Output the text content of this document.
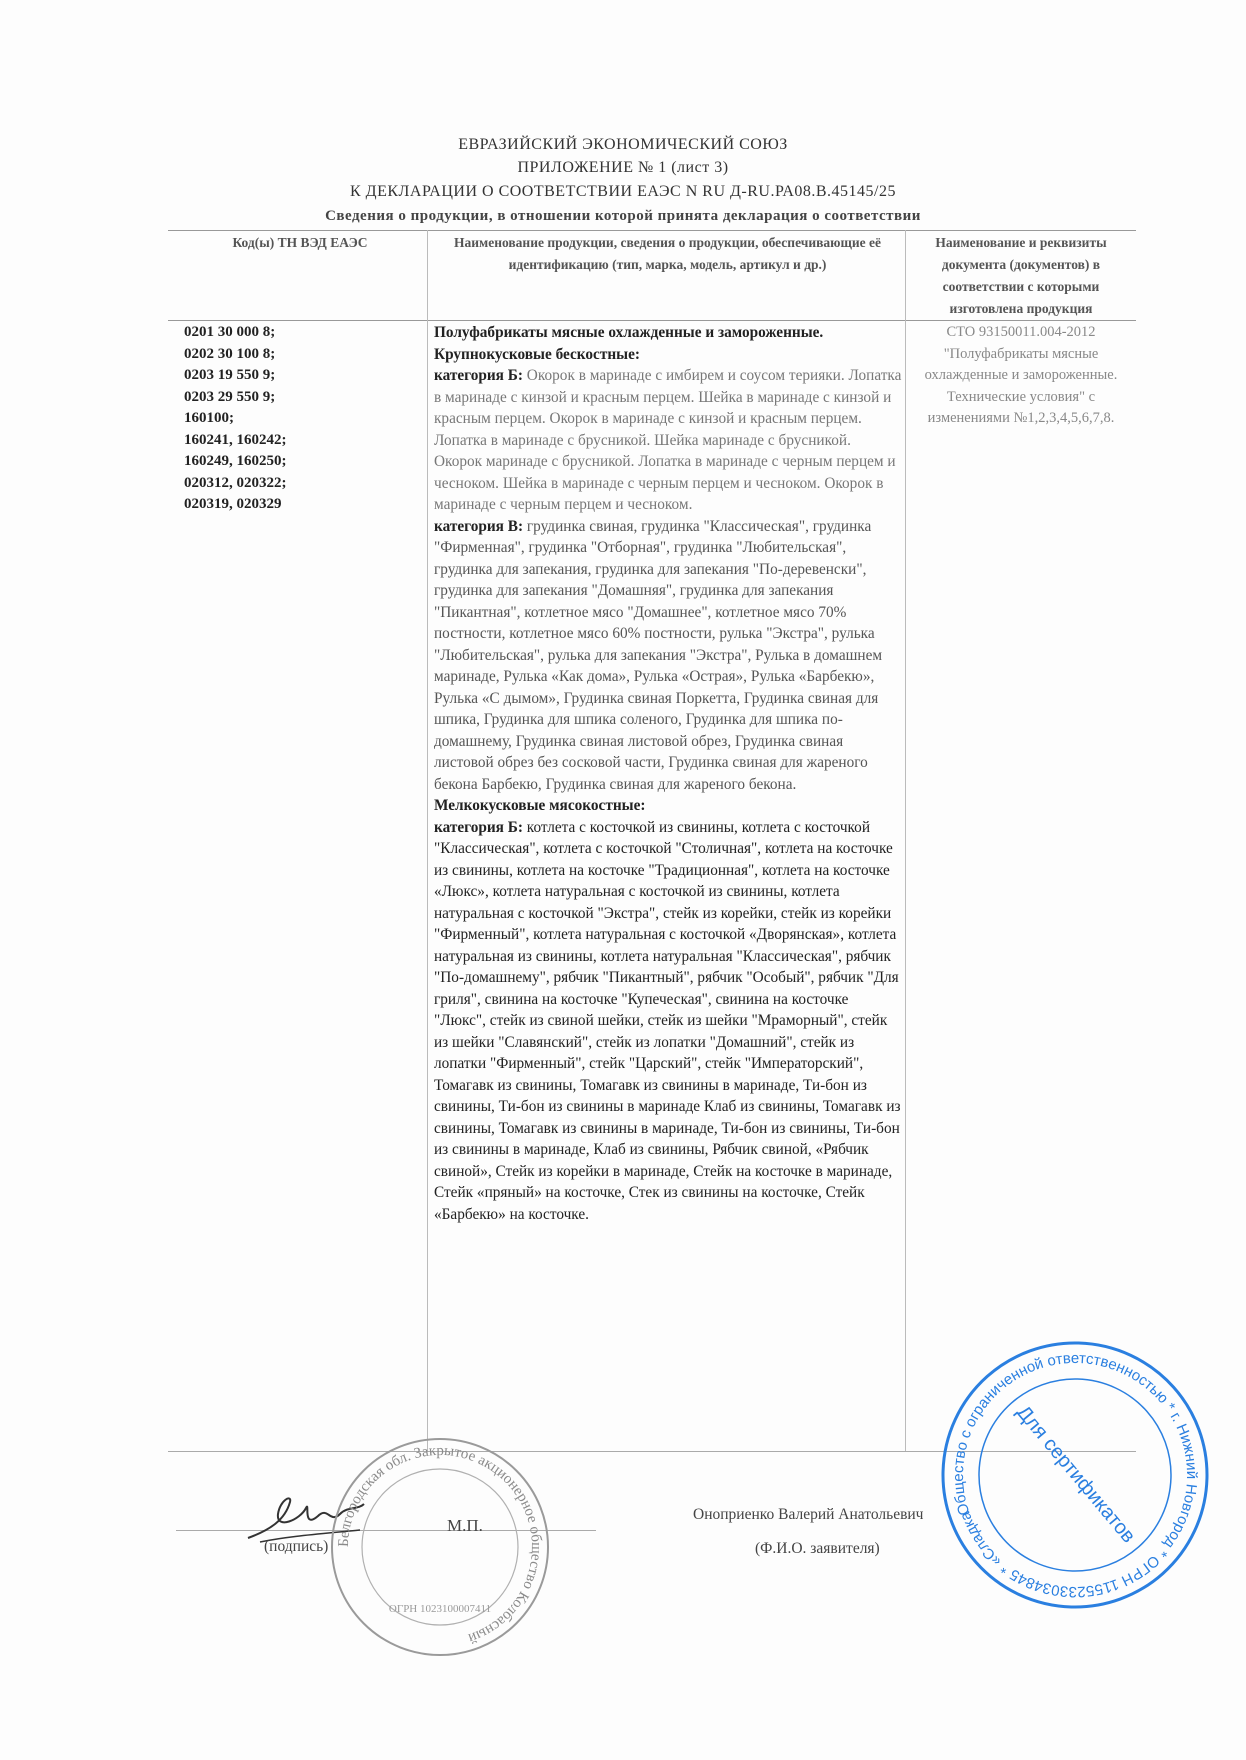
ЕВРАЗИЙСКИЙ ЭКОНОМИЧЕСКИЙ СОЮЗ
ПРИЛОЖЕНИЕ № 1 (лист 3)
К ДЕКЛАРАЦИИ О СООТВЕТСТВИИ ЕАЭС N RU Д-RU.РА08.В.45145/25
Сведения о продукции, в отношении которой принята декларация о соответствии
Код(ы) ТН ВЭД ЕАЭС	Наименование продукции, сведения о продукции, обеспечивающие её идентификацию (тип, марка, модель, артикул и др.)
Наименование и реквизиты документа (документов) в соответствии с которыми изготовлена продукция
0201 30 000 8;
0202 30 100 8;
0203 19 550 9;
0203 29 550 9;
160100;
160241, 160242;
160249, 160250;
020312, 020322;
020319, 020329
Полуфабрикаты мясные охлажденные и замороженные. Крупнокусковые бескостные:
категория Б: Окорок в маринаде с имбирем и соусом терияки. Лопатка в маринаде с кинзой и красным перцем. Шейка в маринаде с кинзой и красным перцем. Окорок в маринаде с кинзой и красным перцем. Лопатка в маринаде с брусникой. Шейка маринаде с брусникой. Окорок маринаде с брусникой. Лопатка в маринаде с черным перцем и чесноком. Шейка в маринаде с черным перцем и чесноком. Окорок в маринаде с черным перцем и чесноком.
категория В: грудинка свиная, грудинка "Классическая", грудинка "Фирменная", грудинка "Отборная", грудинка "Любительская", грудинка для запекания, грудинка для запекания "По-деревенски", грудинка для запекания "Домашняя", грудинка для запекания "Пикантная", котлетное мясо "Домашнее", котлетное мясо 70% постности, котлетное мясо 60% постности, рулька "Экстра", рулька "Любительская", рулька для запекания "Экстра", Рулька в домашнем маринаде, Рулька «Как дома», Рулька «Острая», Рулька «Барбекю», Рулька «С дымом», Грудинка свиная Поркетта, Грудинка свиная для шпика, Грудинка для шпика соленого, Грудинка для шпика по-домашнему, Грудинка свиная листовой обрез, Грудинка свиная листовой обрез без сосковой части, Грудинка свиная для жареного бекона Барбекю, Грудинка свиная для жареного бекона.
Мелкокусковые мясокостные:
категория Б: котлета с косточкой из свинины, котлета с косточкой "Классическая", котлета с косточкой "Столичная", котлета на косточке из свинины, котлета на косточке "Традиционная", котлета на косточке «Люкс», котлета натуральная с косточкой из свинины, котлета натуральная с косточкой "Экстра", стейк из корейки, стейк из корейки "Фирменный", котлета натуральная с косточкой «Дворянская», котлета натуральная из свинины, котлета натуральная "Классическая", рябчик "По-домашнему", рябчик "Пикантный", рябчик "Особый", рябчик "Для гриля", свинина на косточке "Купеческая", свинина на косточке "Люкс", стейк из свиной шейки, стейк из шейки "Мраморный", стейк из шейки "Славянский", стейк из лопатки "Домашний", стейк из лопатки "Фирменный", стейк "Царский", стейк "Императорский", Томагавк из свинины, Томагавк из свинины в маринаде, Ти-бон из свинины, Ти-бон из свинины в маринаде Клаб из свинины, Томагавк из свинины, Томагавк из свинины в маринаде, Ти-бон из свинины, Ти-бон из свинины в маринаде, Клаб из свинины, Рябчик свиной, «Рябчик свиной», Стейк из корейки в маринаде, Стейк на косточке в маринаде, Стейк «пряный» на косточке, Стек из свинины на косточке, Стейк «Барбекю» на косточке.
СТО 93150011.004-2012 "Полуфабрикаты мясные охлажденные и замороженные. Технические условия" с изменениями №1,2,3,4,5,6,7,8.
(подпись)
М.П.
Оноприенко Валерий Анатольевич
(Ф.И.О. заявителя)
Белгородская обл. Закрытое акционерное общество Колбасный
ОГРН 1023100007411
Общество с ограниченной ответственностью * г. Нижний Новгород * ОГРН 1155233034845 * «Сладкая
Для сертификатов
